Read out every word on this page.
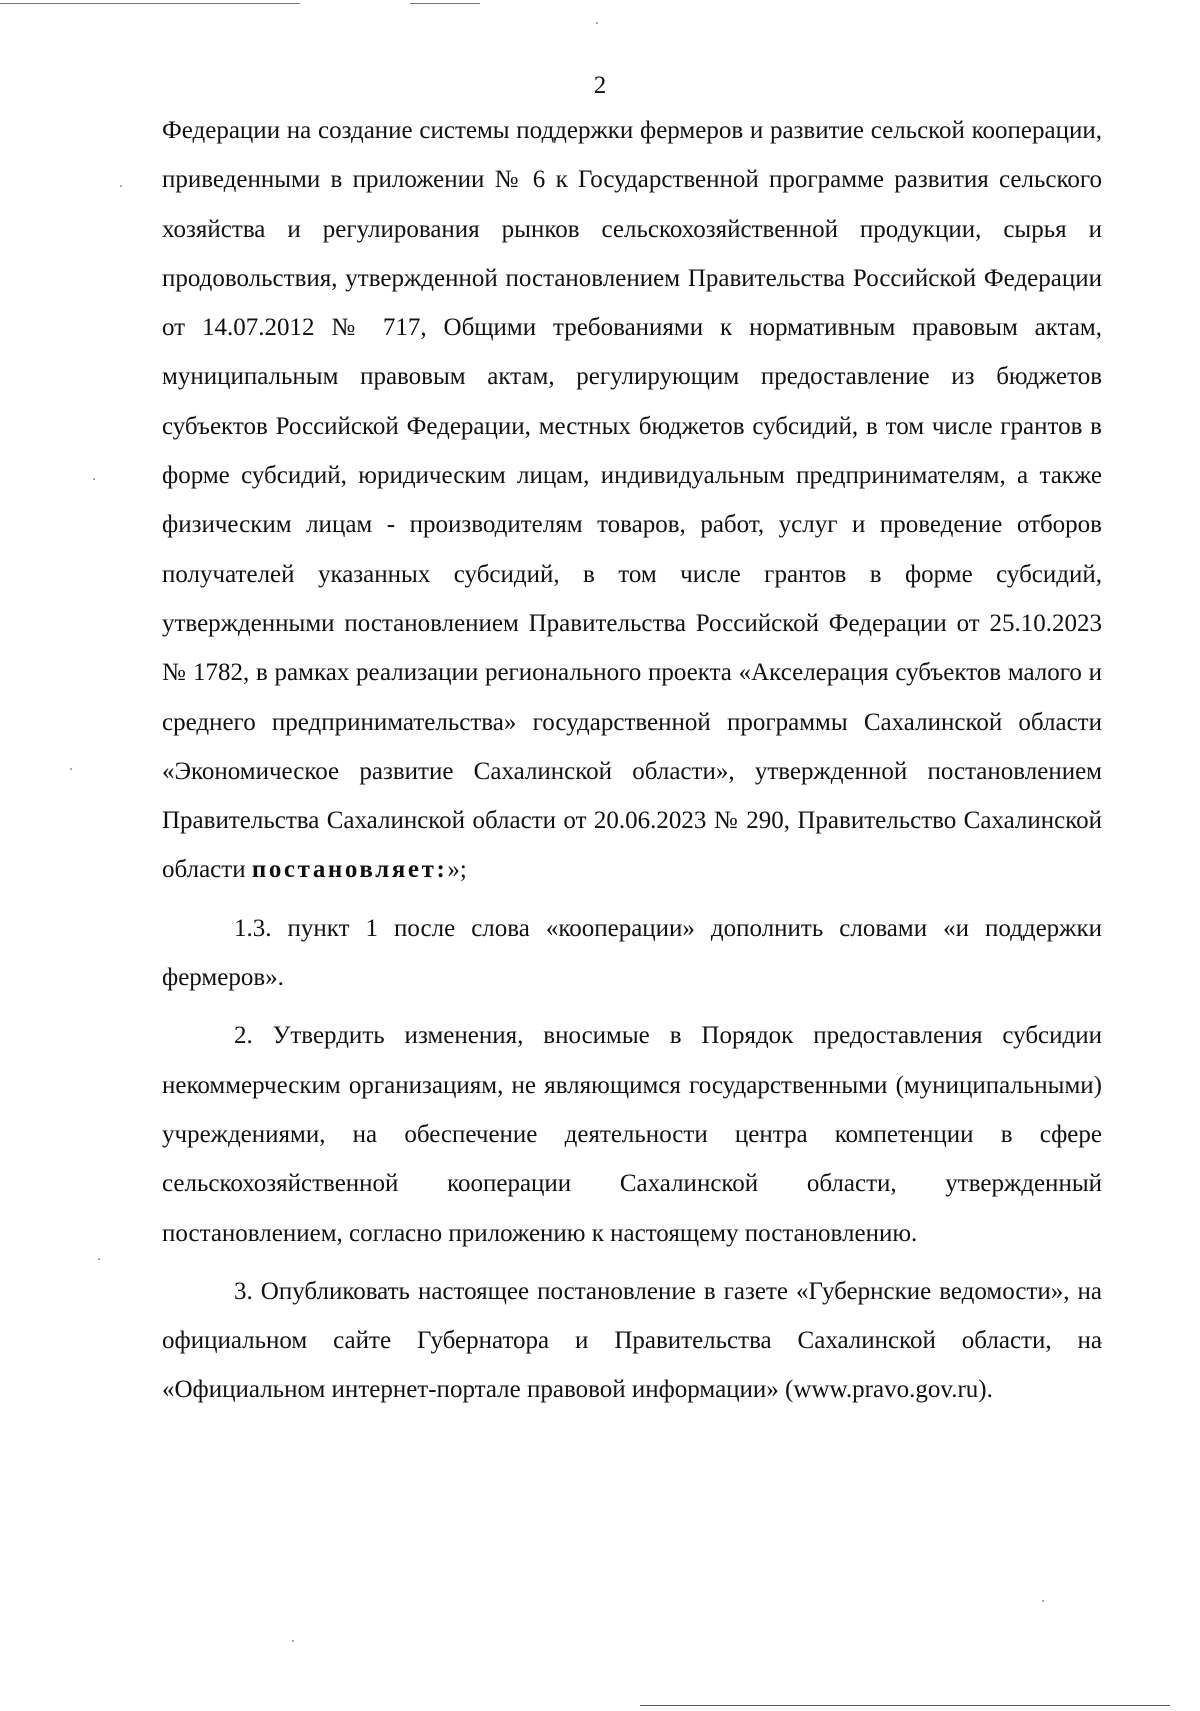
2

Федерации на создание системы поддержки фермеров и развитие сельской кооперации, приведенными в приложении № 6 к Государственной программе развития сельского хозяйства и регулирования рынков сельскохозяйственной продукции, сырья и продовольствия, утвержденной постановлением Правительства Российской Федерации от 14.07.2012 № 717, Общими требованиями к нормативным правовым актам, муниципальным правовым актам, регулирующим предоставление из бюджетов субъектов Российской Федерации, местных бюджетов субсидий, в том числе грантов в форме субсидий, юридическим лицам, индивидуальным предпринимателям, а также физическим лицам - производителям товаров, работ, услуг и проведение отборов получателей указанных субсидий, в том числе грантов в форме субсидий, утвержденными постановлением Правительства Российской Федерации от 25.10.2023 № 1782, в рамках реализации регионального проекта «Акселерация субъектов малого и среднего предпринимательства» государственной программы Сахалинской области «Экономическое развитие Сахалинской области», утвержденной постановлением Правительства Сахалинской области от 20.06.2023 № 290, Правительство Сахалинской области постановляет:»;

1.3. пункт 1 после слова «кооперации» дополнить словами «и поддержки фермеров».

2. Утвердить изменения, вносимые в Порядок предоставления субсидии некоммерческим организациям, не являющимся государственными (муниципальными) учреждениями, на обеспечение деятельности центра компетенции в сфере сельскохозяйственной кооперации Сахалинской области, утвержденный постановлением, согласно приложению к настоящему постановлению.

3. Опубликовать настоящее постановление в газете «Губернские ведомости», на официальном сайте Губернатора и Правительства Сахалинской области, на «Официальном интернет-портале правовой информации» (www.pravo.gov.ru).
